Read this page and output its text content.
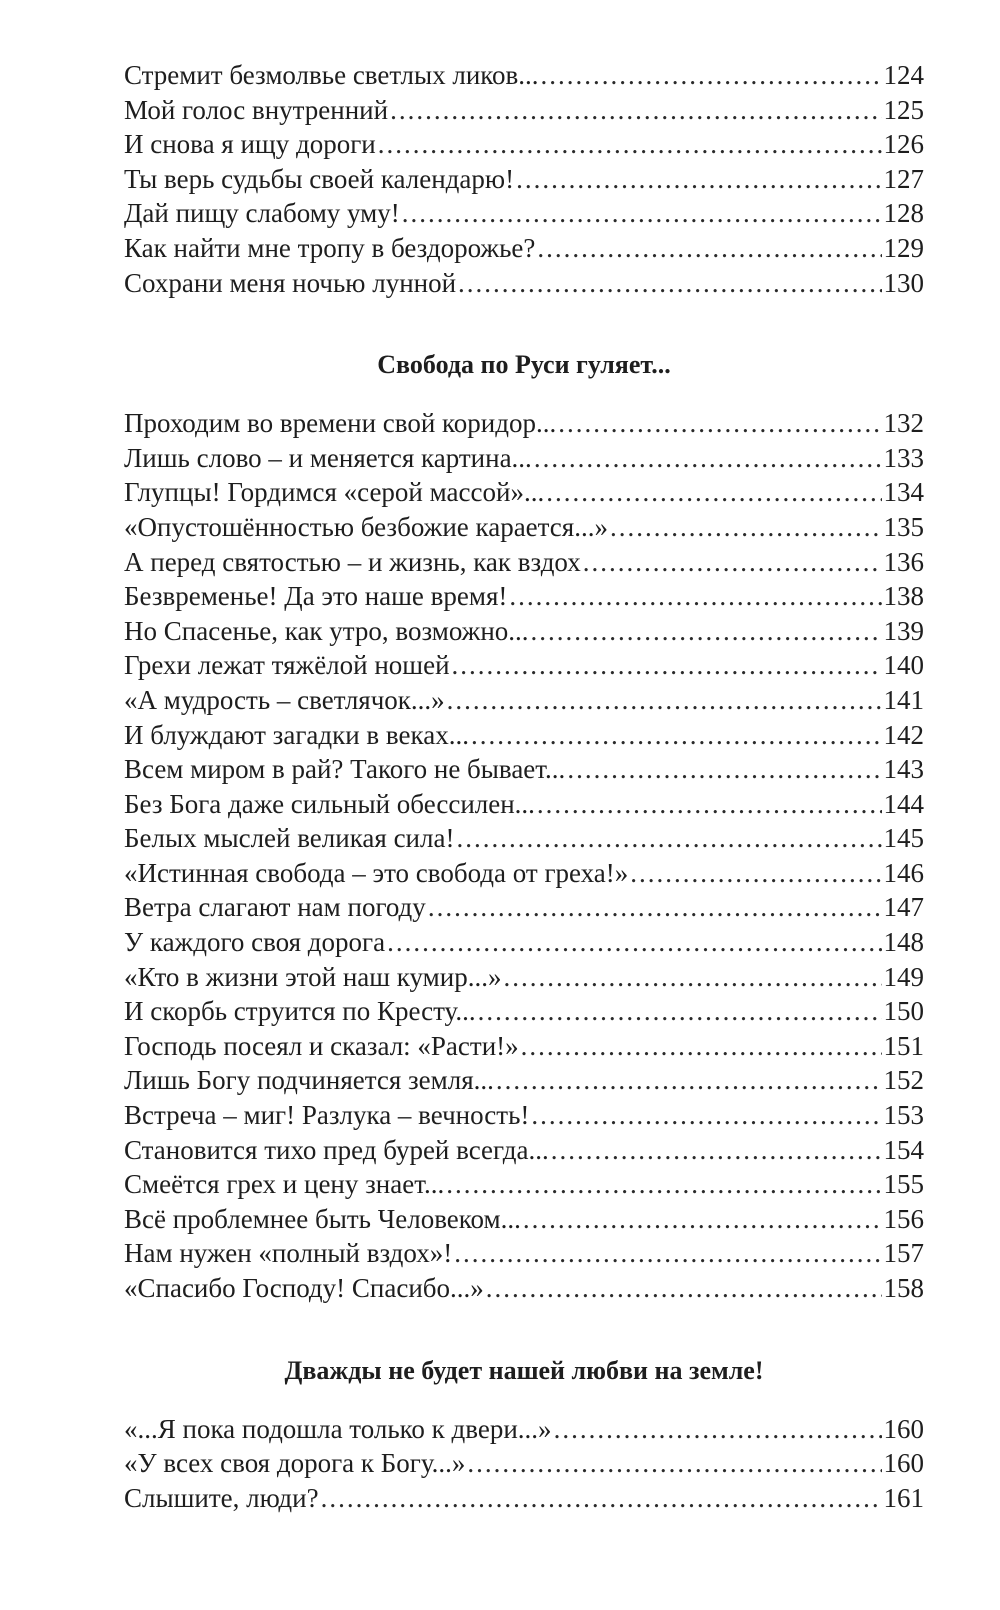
Стремит безмолвье светлых ликов... .....	124
Мой голос внутренний .....	125
И снова я ищу дороги .....	126
Ты верь судьбы своей календарю! .....	127
Дай пищу слабому уму! .....	128
Как найти мне тропу в бездорожье? .....	129
Сохрани меня ночью лунной .....	130
Свобода по Руси гуляет...
Проходим во времени свой коридор... .....	132
Лишь слово – и меняется картина... .....	133
Глупцы! Гордимся «серой массой»... .....	134
«Опустошённостью безбожие карается...» .....	135
А перед святостью – и жизнь, как вздох .....	136
Безвременье! Да это наше время! .....	138
Но Спасенье, как утро, возможно... .....	139
Грехи лежат тяжёлой ношей .....	140
«А мудрость – светлячок...» .....	141
И блуждают загадки в веках... .....	142
Всем миром в рай? Такого не бывает... .....	143
Без Бога даже сильный обессилен... .....	144
Белых мыслей великая сила! .....	145
«Истинная свобода – это свобода от греха!» .....	146
Ветра слагают нам погоду .....	147
У каждого своя дорога .....	148
«Кто в жизни этой наш кумир...» .....	149
И скорбь струится по Кресту... .....	150
Господь посеял и сказал: «Расти!» .....	151
Лишь Богу подчиняется земля... .....	152
Встреча – миг! Разлука – вечность! .....	153
Становится тихо пред бурей всегда... .....	154
Смеётся грех и цену знает... .....	155
Всё проблемнее быть Человеком... .....	156
Нам нужен «полный вздох»! .....	157
«Спасибо Господу! Спасибо...» .....	158
Дважды не будет нашей любви на земле!
«...Я пока подошла только к двери...» .....	160
«У всех своя дорога к Богу...» .....	160
Слышите, люди? .....	161
